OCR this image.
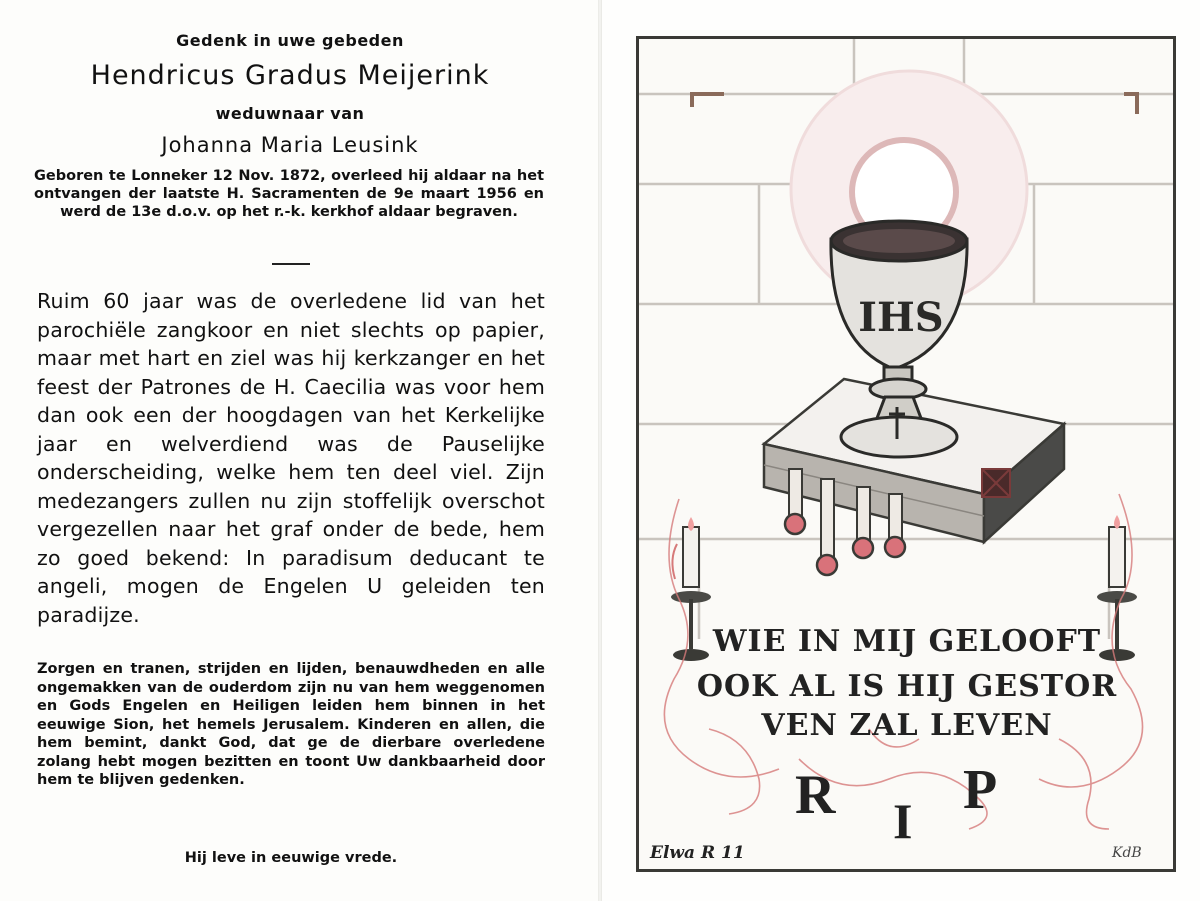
Gedenk in uwe gebeden
Hendricus Gradus Meijerink
weduwnaar van
Johanna Maria Leusink
Geboren te Lonneker 12 Nov. 1872, overleed hij aldaar na het ontvangen der laatste H. Sacramenten de 9e maart 1956 en werd de 13e d.o.v. op het r.-k. kerkhof aldaar begraven.
Ruim 60 jaar was de overledene lid van het parochiële zangkoor en niet slechts op papier, maar met hart en ziel was hij kerkzanger en het feest der Patrones de H. Caecilia was voor hem dan ook een der hoogdagen van het Kerkelijke jaar en welverdiend was de Pauselijke onderscheiding, welke hem ten deel viel. Zijn medezangers zullen nu zijn stoffelijk overschot vergezellen naar het graf onder de bede, hem zo goed bekend: In paradisum deducant te angeli, mogen de Engelen U geleiden ten paradijze.
Zorgen en tranen, strijden en lijden, benauwdheden en alle ongemakken van de ouderdom zijn nu van hem weggenomen en Gods Engelen en Heiligen leiden hem binnen in het eeuwige Sion, het hemels Jerusalem. Kinderen en allen, die hem bemint, dankt God, dat ge de dierbare overledene zolang hebt mogen bezitten en toont Uw dankbaarheid door hem te blijven gedenken.
Hij leve in eeuwige vrede.
IHS
WIE IN MIJ GELOOFT
OOK AL IS HIJ GESTOR
VEN ZAL LEVEN
R I P
Elwa R 11	KdB
